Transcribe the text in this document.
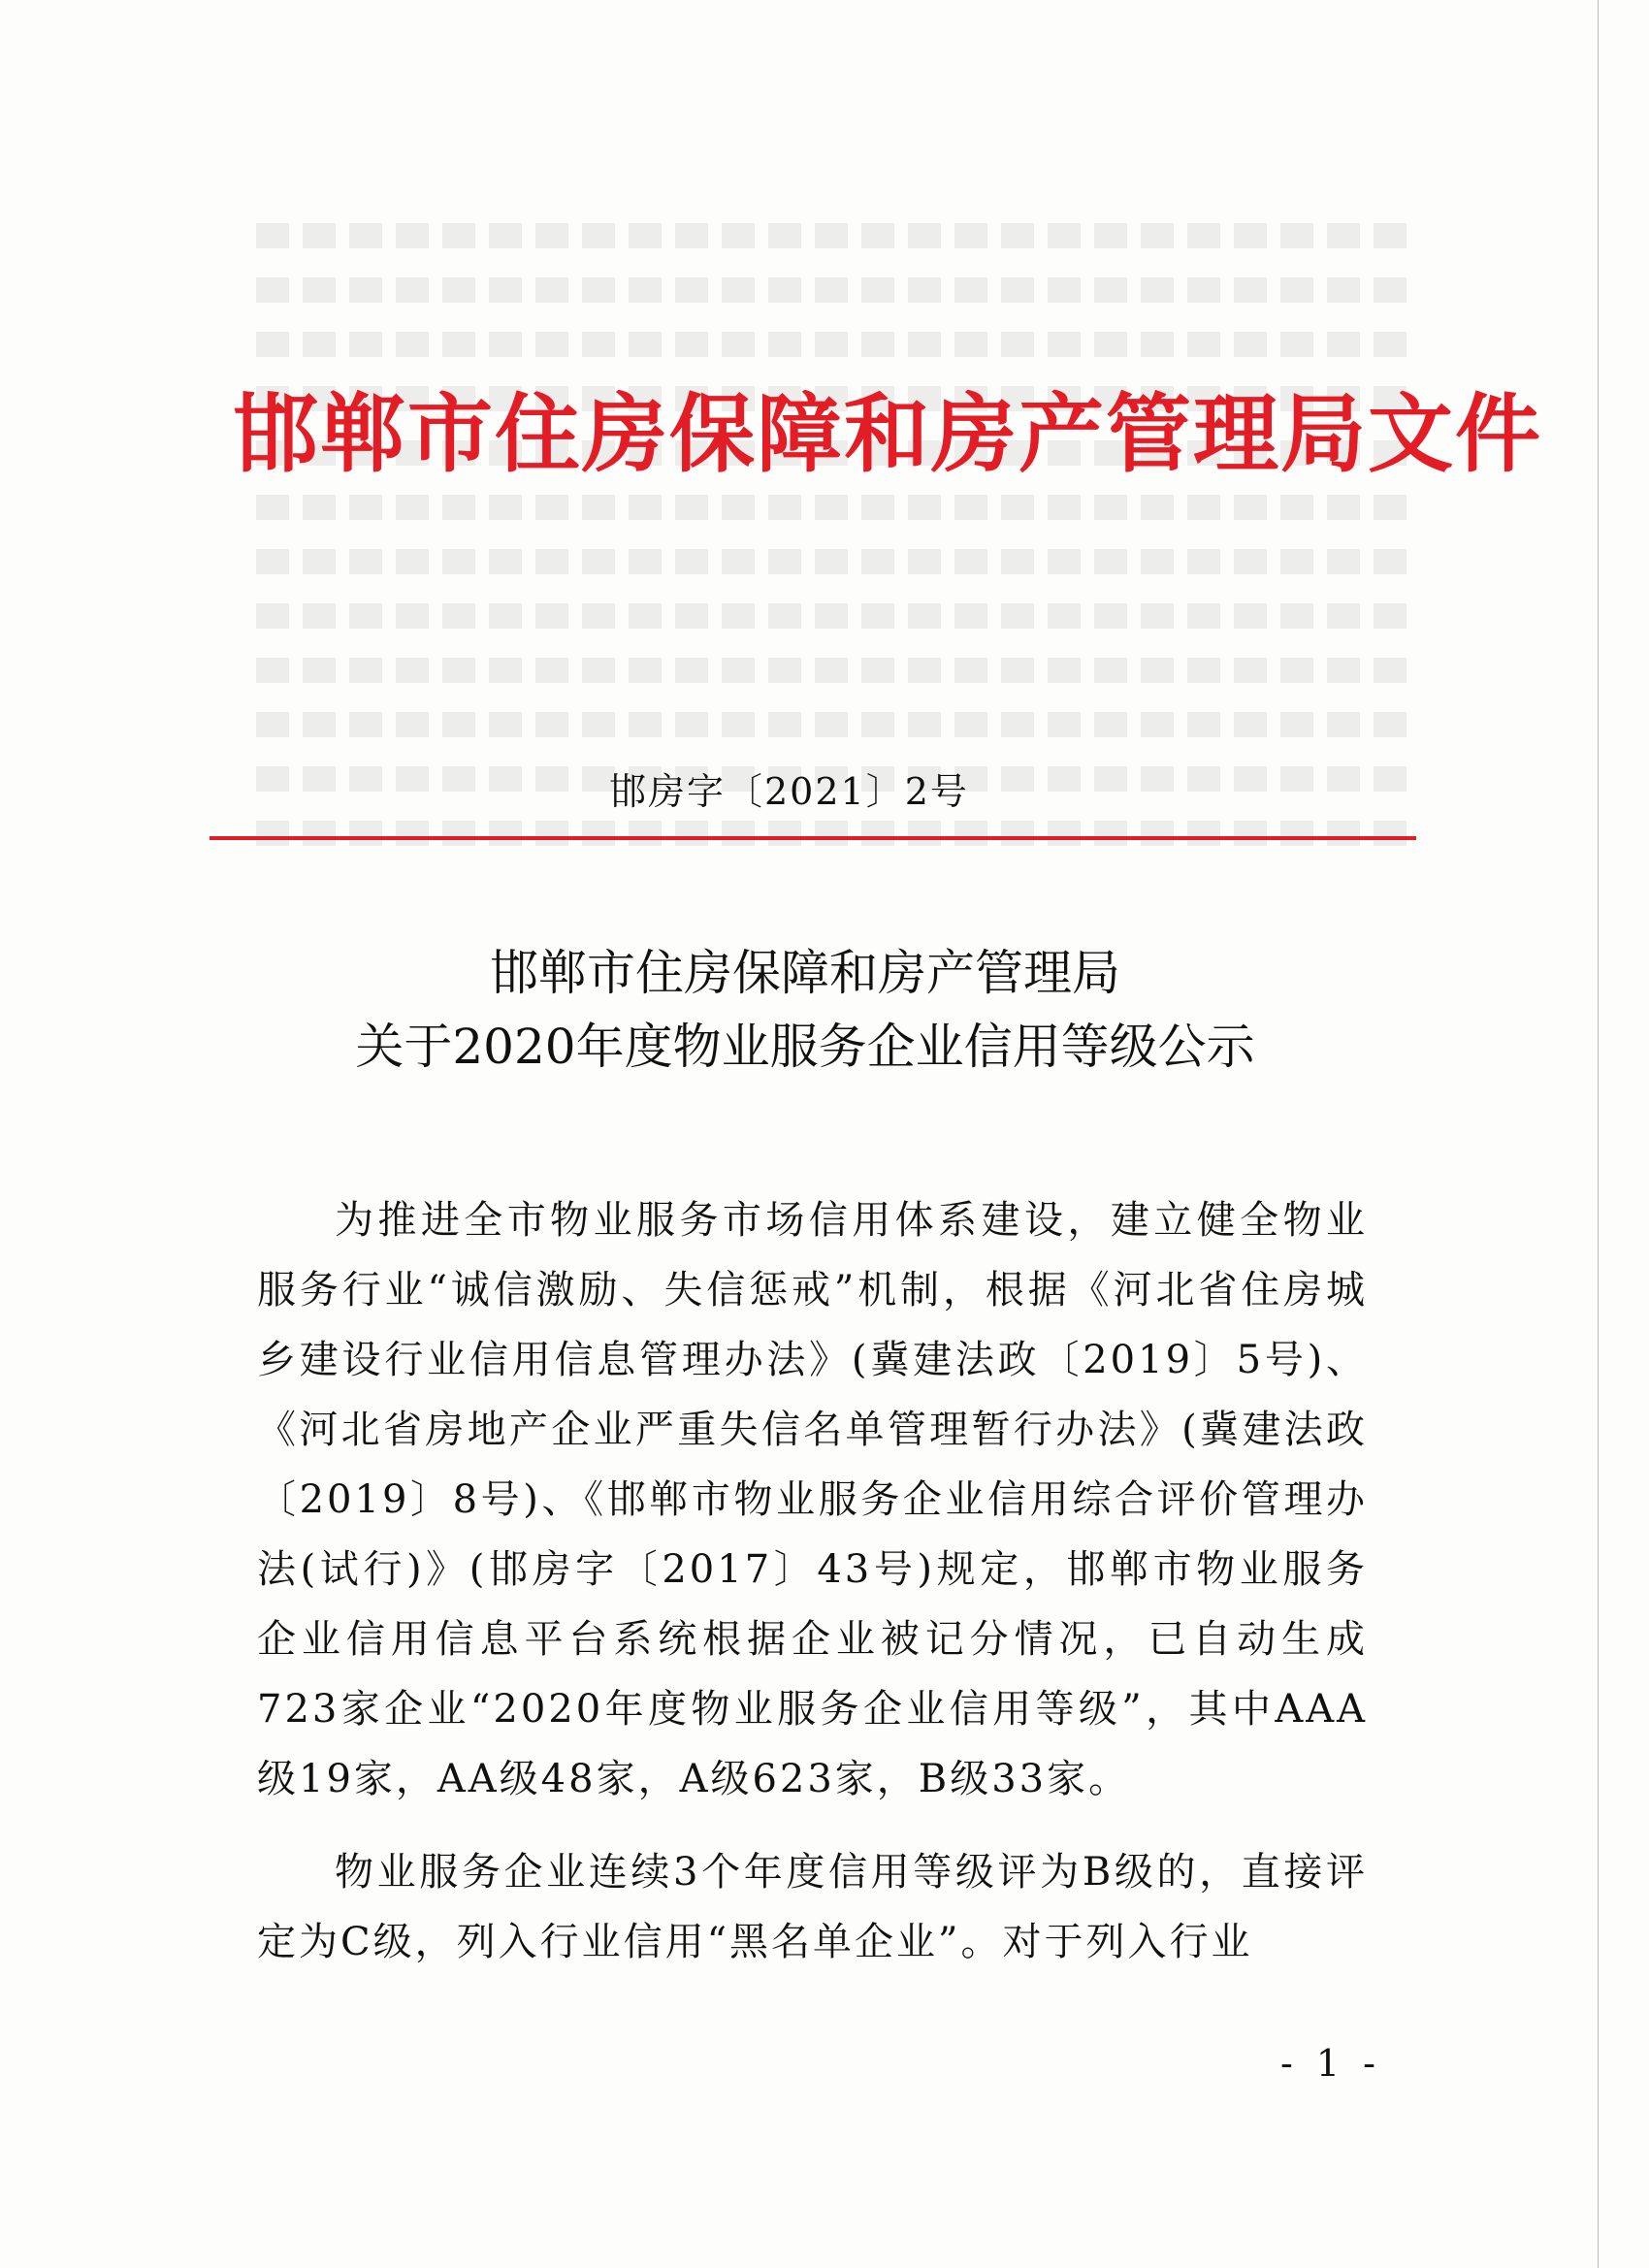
邯郸市住房保障和房产管理局文件
邯房字〔2021〕2号
邯郸市住房保障和房产管理局
关于2020年度物业服务企业信用等级公示

为推进全市物业服务市场信用体系建设，建立健全物业服务行业“诚信激励、失信惩戒”机制，根据《河北省住房城乡建设行业信用信息管理办法》(冀建法政〔2019〕5号)、《河北省房地产企业严重失信名单管理暂行办法》(冀建法政〔2019〕8号)、《邯郸市物业服务企业信用综合评价管理办法(试行)》(邯房字〔2017〕43号)规定，邯郸市物业服务企业信用信息平台系统根据企业被记分情况，已自动生成723家企业“2020年度物业服务企业信用等级”，其中AAA级19家，AA级48家，A级623家，B级33家。

物业服务企业连续3个年度信用等级评为B级的，直接评定为C级，列入行业信用“黑名单企业”。对于列入行业

- 1 -
